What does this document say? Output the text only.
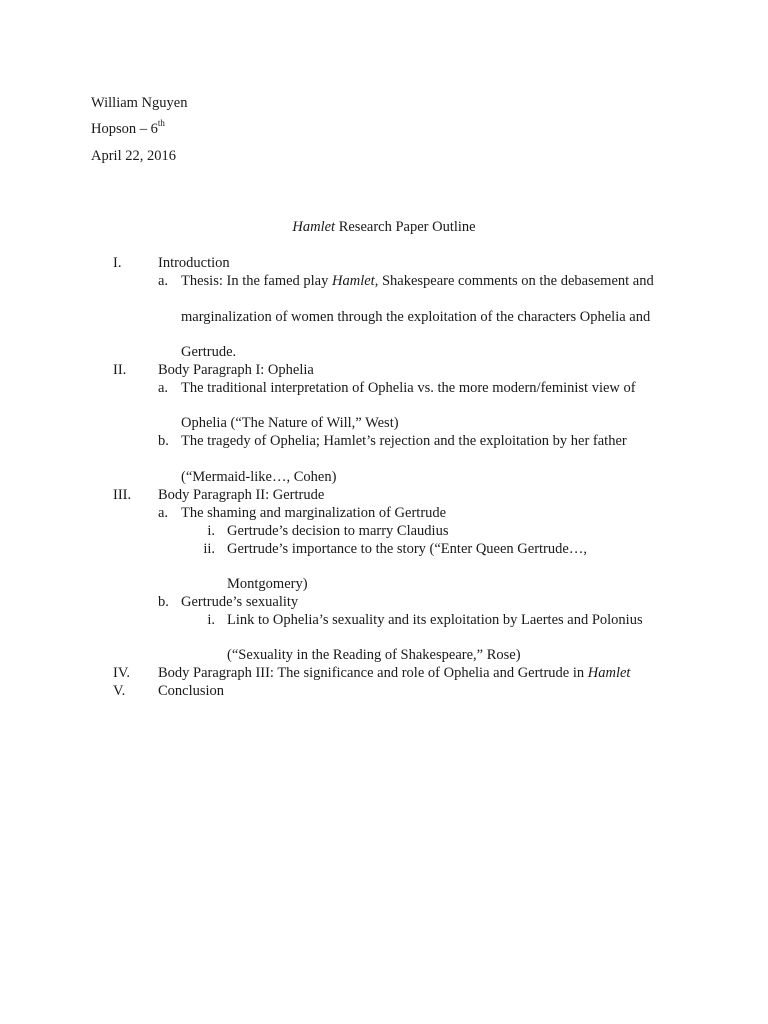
William Nguyen
Hopson – 6th
April 22, 2016
Hamlet Research Paper Outline
I.	Introduction
a. Thesis: In the famed play Hamlet, Shakespeare comments on the debasement and
marginalization of women through the exploitation of the characters Ophelia and
Gertrude.
II. Body Paragraph I: Ophelia
a. The traditional interpretation of Ophelia vs. the more modern/feminist view of
Ophelia (“The Nature of Will,” West)
b. The tragedy of Ophelia; Hamlet’s rejection and the exploitation by her father
(“Mermaid-like…, Cohen)
III. Body Paragraph II: Gertrude
a. The shaming and marginalization of Gertrude
i. Gertrude’s decision to marry Claudius
ii. Gertrude’s importance to the story (“Enter Queen Gertrude…,
Montgomery)
b. Gertrude’s sexuality
i. Link to Ophelia’s sexuality and its exploitation by Laertes and Polonius
(“Sexuality in the Reading of Shakespeare,” Rose)
IV. Body Paragraph III: The significance and role of Ophelia and Gertrude in Hamlet
V. Conclusion
